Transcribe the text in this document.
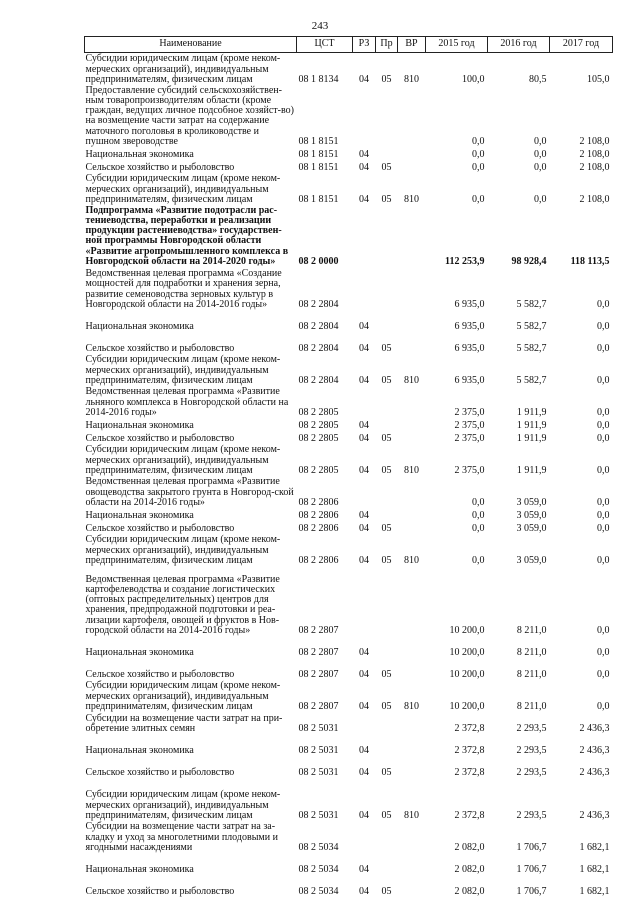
243
Наименование	ЦСТ	РЗ	Пр	ВР	2015 год	2016 год	2017 год
Субсидии юридическим лицам (кроме неком-мерческих организаций), индивидуальным предпринимателям, физическим лицам	08 1 8134	04	05	810	100,0	80,5	105,0
Предоставление субсидий сельскохозяйствен-ным товаропроизводителям области (кроме граждан, ведущих личное подсобное хозяйст-во) на возмещение части затрат на содержание маточного поголовья в кролиководстве и пушном звероводстве	08 1 8151				0,0	0,0	2 108,0
Национальная экономика	08 1 8151	04			0,0	0,0	2 108,0
Сельское хозяйство и рыболовство	08 1 8151	04	05		0,0	0,0	2 108,0
Субсидии юридическим лицам (кроме неком-мерческих организаций), индивидуальным предпринимателям, физическим лицам	08 1 8151	04	05	810	0,0	0,0	2 108,0
Подпрограмма «Развитие подотрасли рас-тениеводства, переработки и реализации продукции растениеводства» государствен-ной программы Новгородской области «Развитие агропромышленного комплекса в Новгородской области на 2014-2020 годы»	08 2 0000				112 253,9	98 928,4	118 113,5
Ведомственная целевая программа «Создание мощностей для подработки и хранения зерна, развитие семеноводства зерновых культур в Новгородской области на 2014-2016 годы»	08 2 2804				6 935,0	5 582,7	0,0
Национальная экономика	08 2 2804	04			6 935,0	5 582,7	0,0
Сельское хозяйство и рыболовство	08 2 2804	04	05		6 935,0	5 582,7	0,0
Субсидии юридическим лицам (кроме неком-мерческих организаций), индивидуальным предпринимателям, физическим лицам	08 2 2804	04	05	810	6 935,0	5 582,7	0,0
Ведомственная целевая программа «Развитие льняного комплекса в Новгородской области на 2014-2016 годы»	08 2 2805				2 375,0	1 911,9	0,0
Национальная экономика	08 2 2805	04			2 375,0	1 911,9	0,0
Сельское хозяйство и рыболовство	08 2 2805	04	05		2 375,0	1 911,9	0,0
Субсидии юридическим лицам (кроме неком-мерческих организаций), индивидуальным предпринимателям, физическим лицам	08 2 2805	04	05	810	2 375,0	1 911,9	0,0
Ведомственная целевая программа «Развитие овощеводства закрытого грунта в Новгород-ской области на 2014-2016 годы»	08 2 2806				0,0	3 059,0	0,0
Национальная экономика	08 2 2806	04			0,0	3 059,0	0,0
Сельское хозяйство и рыболовство	08 2 2806	04	05		0,0	3 059,0	0,0
Субсидии юридическим лицам (кроме неком-мерческих организаций), индивидуальным предпринимателям, физическим лицам	08 2 2806	04	05	810	0,0	3 059,0	0,0
Ведомственная целевая программа «Развитие картофелеводства и создание логистических (оптовых распределительных) центров для хранения, предпродажной подготовки и реа-лизации картофеля, овощей и фруктов в Нов-городской области на 2014-2016 годы»	08 2 2807				10 200,0	8 211,0	0,0
Национальная экономика	08 2 2807	04			10 200,0	8 211,0	0,0
Сельское хозяйство и рыболовство	08 2 2807	04	05		10 200,0	8 211,0	0,0
Субсидии юридическим лицам (кроме неком-мерческих организаций), индивидуальным предпринимателям, физическим лицам	08 2 2807	04	05	810	10 200,0	8 211,0	0,0
Субсидии на возмещение части затрат на при-обретение элитных семян	08 2 5031				2 372,8	2 293,5	2 436,3
Национальная экономика	08 2 5031	04			2 372,8	2 293,5	2 436,3
Сельское хозяйство и рыболовство	08 2 5031	04	05		2 372,8	2 293,5	2 436,3
Субсидии юридическим лицам (кроме неком-мерческих организаций), индивидуальным предпринимателям, физическим лицам	08 2 5031	04	05	810	2 372,8	2 293,5	2 436,3
Субсидии на возмещение части затрат на за-кладку и уход за многолетними плодовыми и ягодными насаждениями	08 2 5034				2 082,0	1 706,7	1 682,1
Национальная экономика	08 2 5034	04			2 082,0	1 706,7	1 682,1
Сельское хозяйство и рыболовство	08 2 5034	04	05		2 082,0	1 706,7	1 682,1
